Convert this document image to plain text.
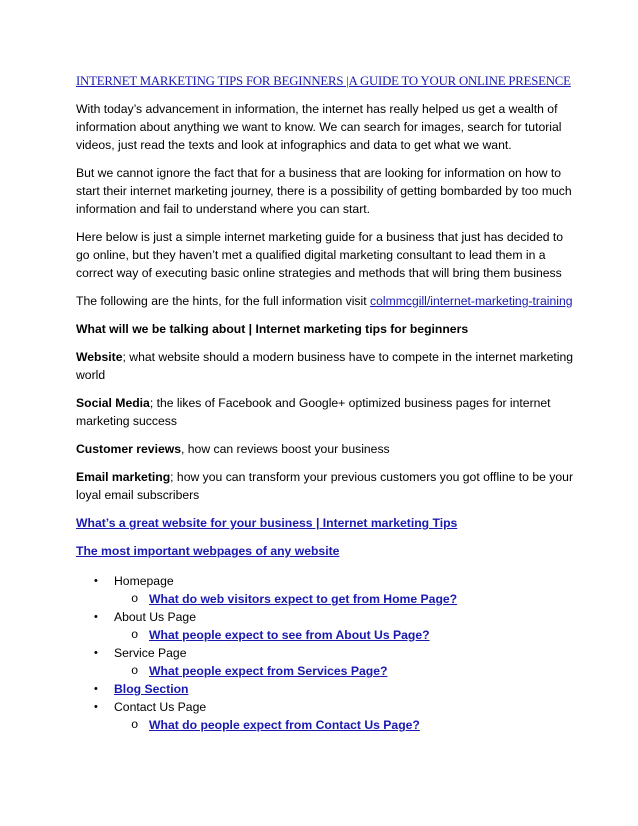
INTERNET MARKETING TIPS FOR BEGINNERS |A GUIDE TO YOUR ONLINE PRESENCE

With today’s advancement in information, the internet has really helped us get a wealth of information about anything we want to know. We can search for images, search for tutorial videos, just read the texts and look at infographics and data to get what we want.

But we cannot ignore the fact that for a business that are looking for information on how to start their internet marketing journey, there is a possibility of getting bombarded by too much information and fail to understand where you can start.

Here below is just a simple internet marketing guide for a business that just has decided to go online, but they haven’t met a qualified digital marketing consultant to lead them in a correct way of executing basic online strategies and methods that will bring them business

The following are the hints, for the full information visit colmmcgill/internet-marketing-training

What will we be talking about | Internet marketing tips for beginners

Website; what website should a modern business have to compete in the internet marketing world

Social Media; the likes of Facebook and Google+ optimized business pages for internet marketing success

Customer reviews, how can reviews boost your business

Email marketing; how you can transform your previous customers you got offline to be your loyal email subscribers

What’s a great website for your business | Internet marketing Tips

The most important webpages of any website

• Homepage
o What do web visitors expect to get from Home Page?
• About Us Page
o What people expect to see from About Us Page?
• Service Page
o What people expect from Services Page?
• Blog Section
• Contact Us Page
o What do people expect from Contact Us Page?
